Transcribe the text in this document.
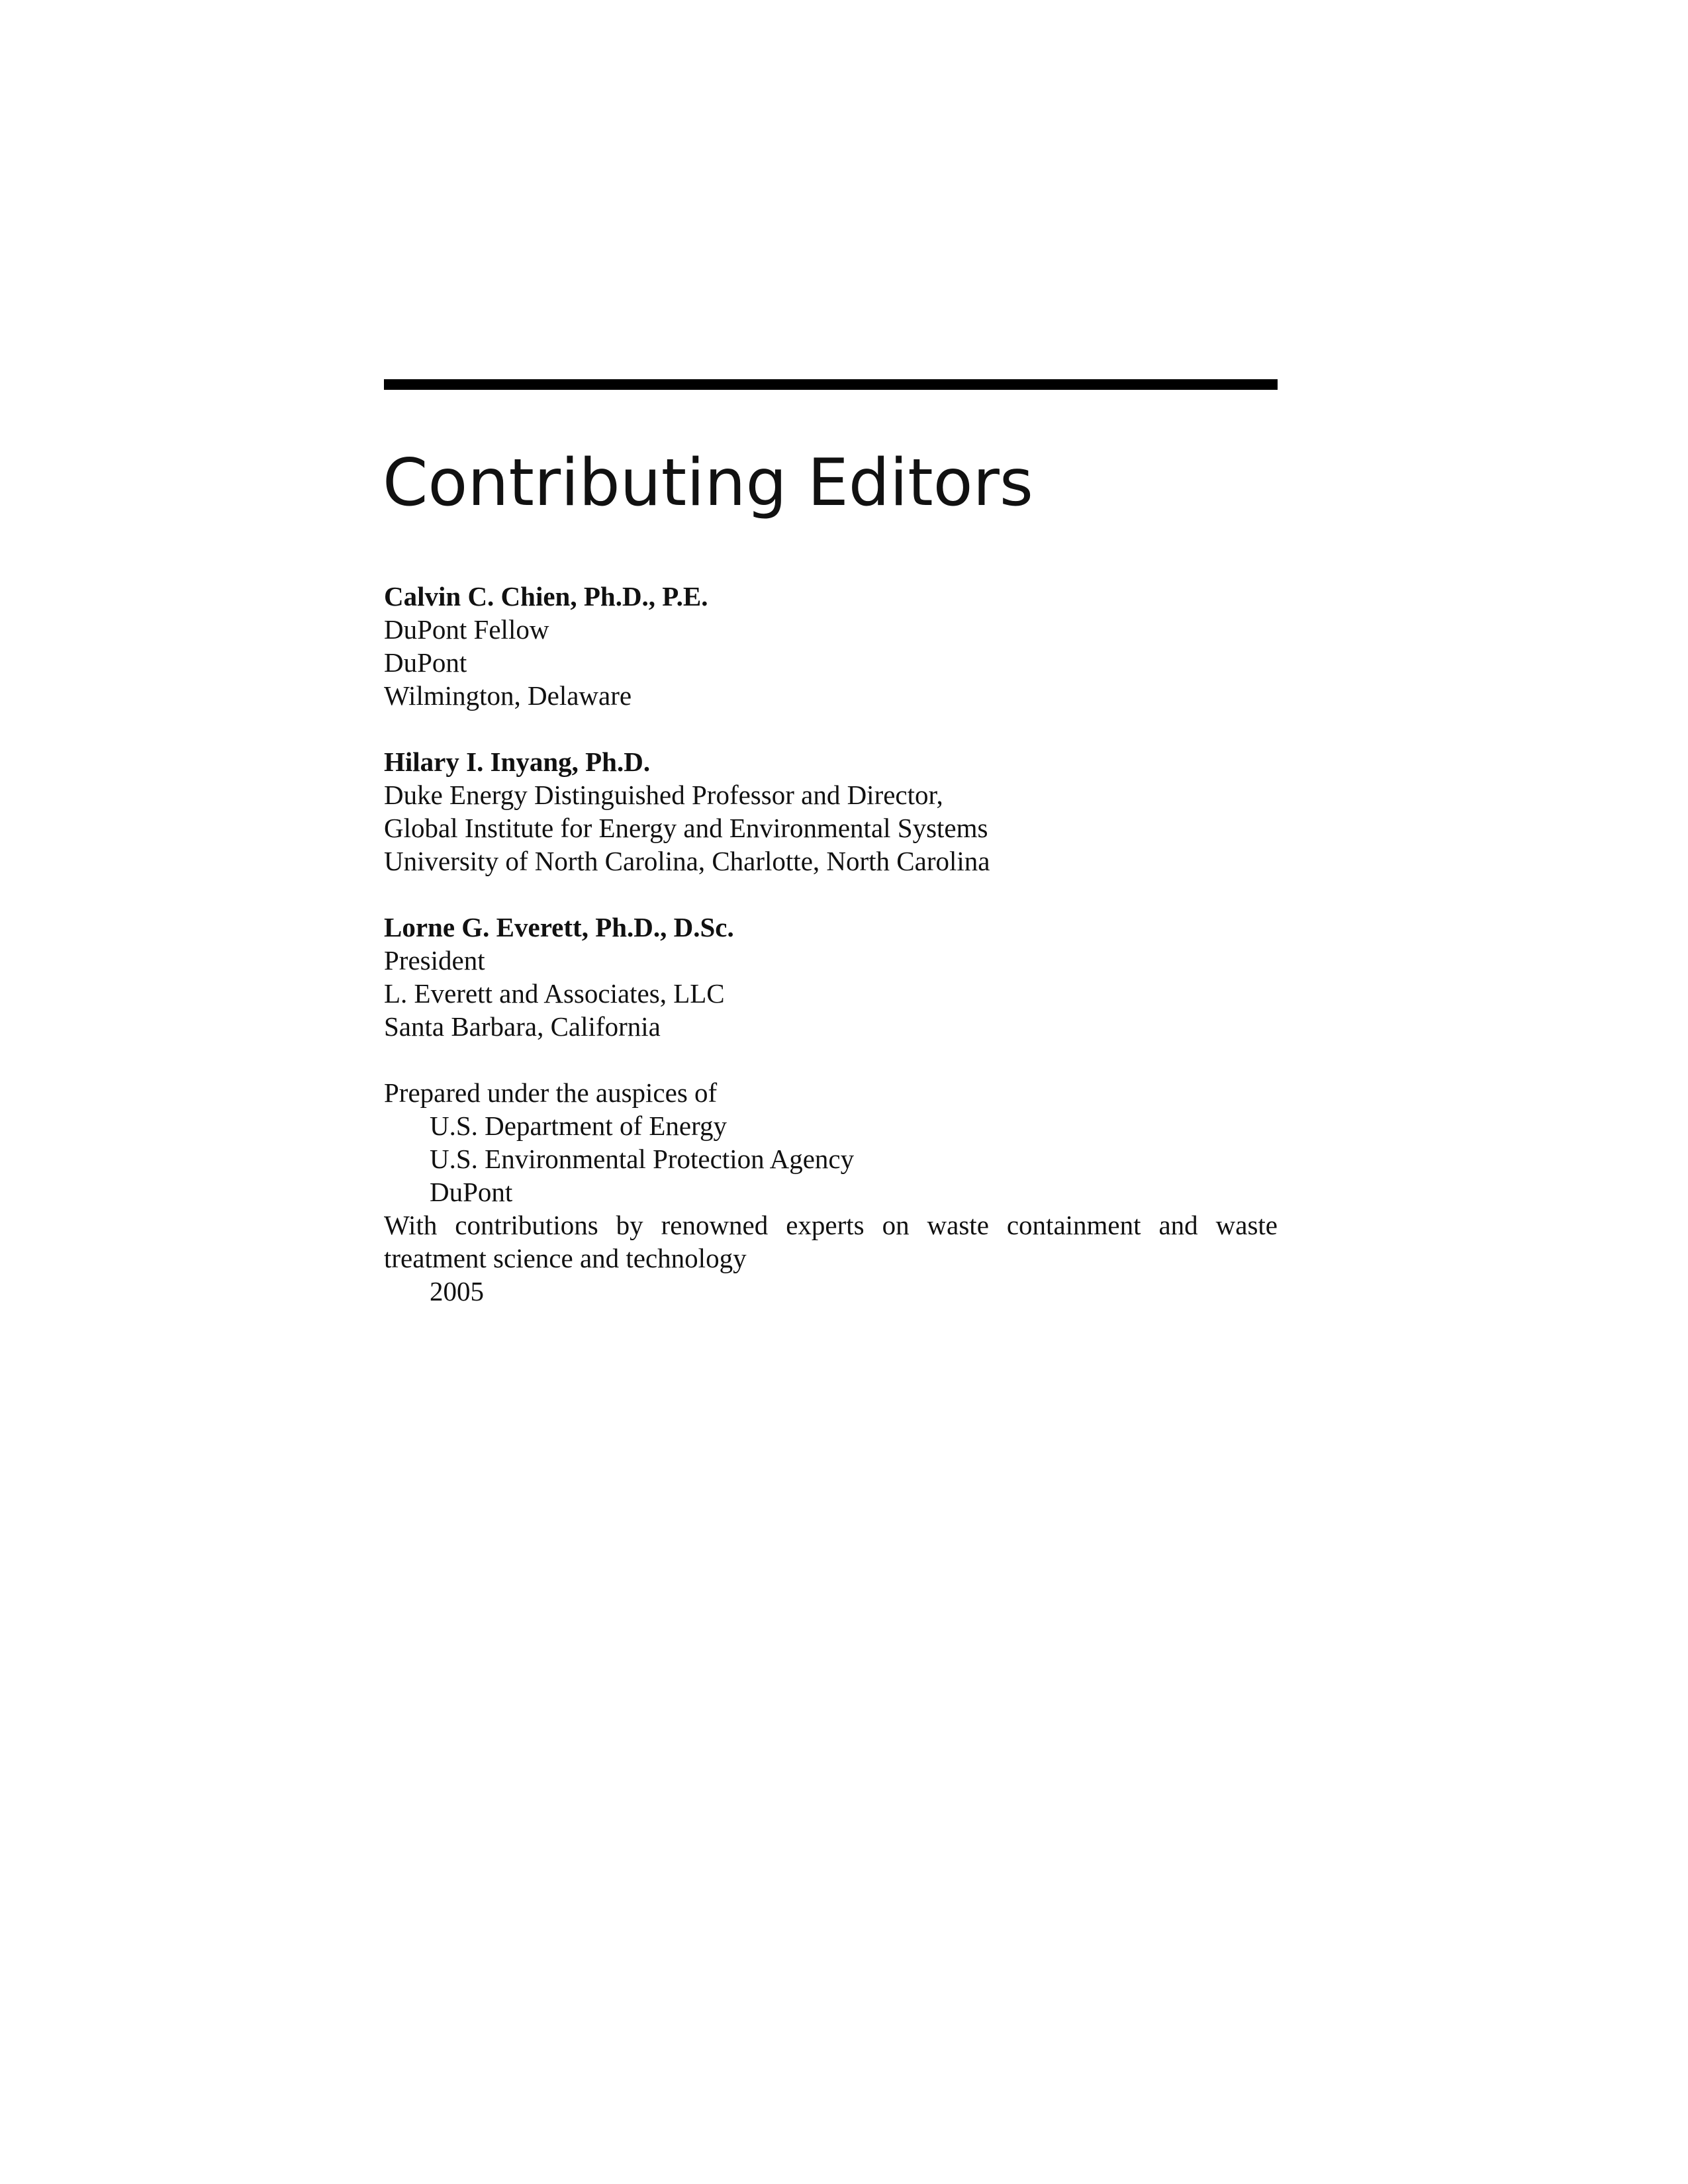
Contributing Editors
Calvin C. Chien, Ph.D., P.E.
DuPont Fellow
DuPont
Wilmington, Delaware
Hilary I. Inyang, Ph.D.
Duke Energy Distinguished Professor and Director,
Global Institute for Energy and Environmental Systems
University of North Carolina, Charlotte, North Carolina
Lorne G. Everett, Ph.D., D.Sc.
President
L. Everett and Associates, LLC
Santa Barbara, California
Prepared under the auspices of
U.S. Department of Energy
U.S. Environmental Protection Agency
DuPont
With contributions by renowned experts on waste containment and waste treatment science and technology
2005
